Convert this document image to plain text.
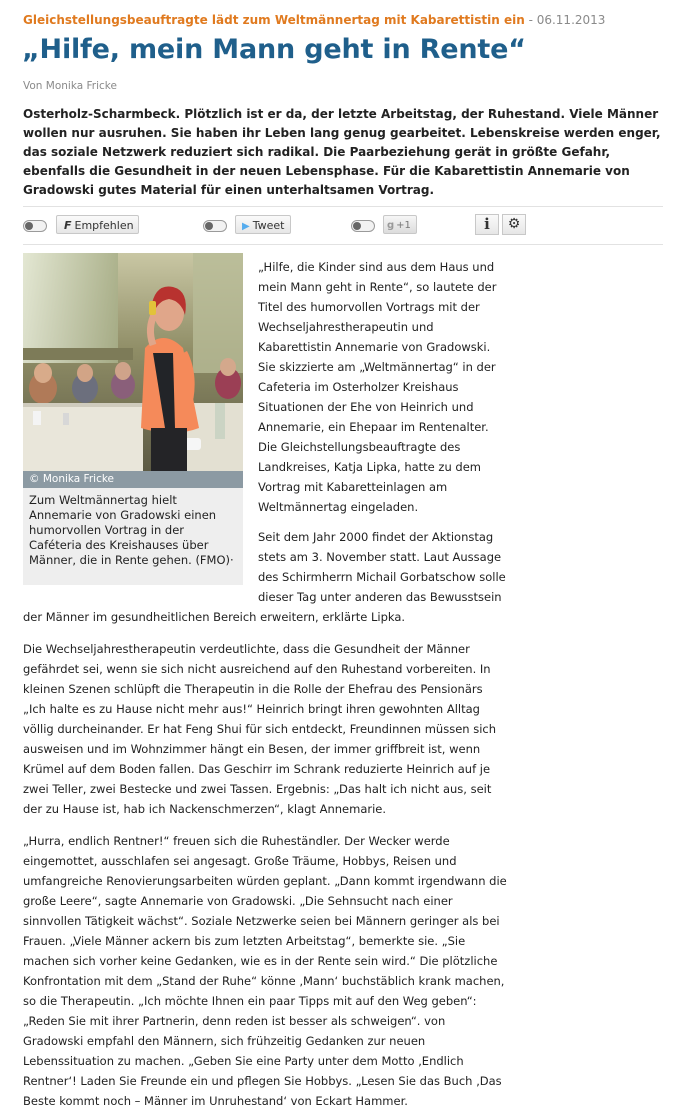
Gleichstellungsbeauftragte lädt zum Weltmännertag mit Kabarettistin ein - 06.11.2013
„Hilfe, mein Mann geht in Rente“
Von Monika Fricke

Osterholz-Scharmbeck. Plötzlich ist er da, der letzte Arbeitstag, der Ruhestand. Viele Männer wollen nur ausruhen. Sie haben ihr Leben lang genug gearbeitet. Lebenskreise werden enger, das soziale Netzwerk reduziert sich radikal. Die Paarbeziehung gerät in größte Gefahr, ebenfalls die Gesundheit in der neuen Lebensphase. Für die Kabarettistin Annemarie von Gradowski gutes Material für einen unterhaltsamen Vortrag.

F Empfehlen	▶ Tweet	g +1	i	⚙
© Monika Fricke
Zum Weltmännertag hielt Annemarie von Gradowski einen humorvollen Vortrag in der Caféteria des Kreishauses über Männer, die in Rente gehen. (FMO)·

„Hilfe, die Kinder sind aus dem Haus und mein Mann geht in Rente“, so lautete der Titel des humorvollen Vortrags mit der Wechseljahrestherapeutin und Kabarettistin Annemarie von Gradowski. Sie skizzierte am „Weltmännertag“ in der Cafeteria im Osterholzer Kreishaus Situationen der Ehe von Heinrich und Annemarie, ein Ehepaar im Rentenalter. Die Gleichstellungsbeauftragte des Landkreises, Katja Lipka, hatte zu dem Vortrag mit Kabaretteinlagen am Weltmännertag eingeladen.

Seit dem Jahr 2000 findet der Aktionstag stets am 3. November statt. Laut Aussage des Schirmherrn Michail Gorbatschow solle dieser Tag unter anderen das Bewusstsein

der Männer im gesundheitlichen Bereich erweitern, erklärte Lipka.

Die Wechseljahrestherapeutin verdeutlichte, dass die Gesundheit der Männer gefährdet sei, wenn sie sich nicht ausreichend auf den Ruhestand vorbereiten. In kleinen Szenen schlüpft die Therapeutin in die Rolle der Ehefrau des Pensionärs „Ich halte es zu Hause nicht mehr aus!“ Heinrich bringt ihren gewohnten Alltag völlig durcheinander. Er hat Feng Shui für sich entdeckt, Freundinnen müssen sich ausweisen und im Wohnzimmer hängt ein Besen, der immer griffbreit ist, wenn Krümel auf dem Boden fallen. Das Geschirr im Schrank reduzierte Heinrich auf je zwei Teller, zwei Bestecke und zwei Tassen. Ergebnis: „Das halt ich nicht aus, seit der zu Hause ist, hab ich Nackenschmerzen“, klagt Annemarie.

„Hurra, endlich Rentner!“ freuen sich die Ruheständler. Der Wecker werde eingemottet, ausschlafen sei angesagt. Große Träume, Hobbys, Reisen und umfangreiche Renovierungsarbeiten würden geplant. „Dann kommt irgendwann die große Leere“, sagte Annemarie von Gradowski. „Die Sehnsucht nach einer sinnvollen Tätigkeit wächst“. Soziale Netzwerke seien bei Männern geringer als bei Frauen. „Viele Männer ackern bis zum letzten Arbeitstag“, bemerkte sie. „Sie machen sich vorher keine Gedanken, wie es in der Rente sein wird.“ Die plötzliche Konfrontation mit dem „Stand der Ruhe“ könne ‚Mann‘ buchstäblich krank machen, so die Therapeutin. „Ich möchte Ihnen ein paar Tipps mit auf den Weg geben“: „Reden Sie mit ihrer Partnerin, denn reden ist besser als schweigen“. von Gradowski empfahl den Männern, sich frühzeitig Gedanken zur neuen Lebenssituation zu machen. „Geben Sie eine Party unter dem Motto ‚Endlich Rentner‘! Laden Sie Freunde ein und pflegen Sie Hobbys. „Lesen Sie das Buch ‚Das Beste kommt noch – Männer im Unruhestand‘ von Eckart Hammer.
